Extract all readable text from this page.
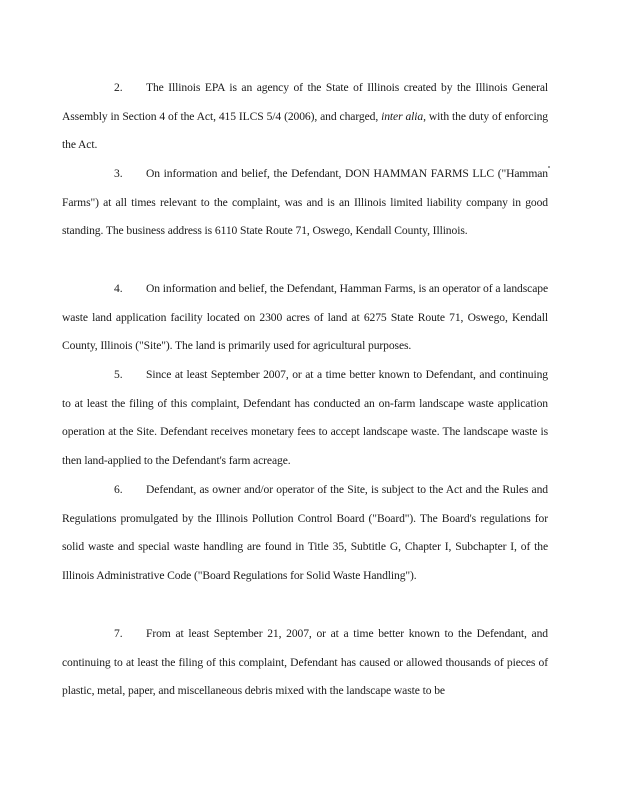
2. The Illinois EPA is an agency of the State of Illinois created by the Illinois General Assembly in Section 4 of the Act, 415 ILCS 5/4 (2006), and charged, inter alia, with the duty of enforcing the Act.

3. On information and belief, the Defendant, DON HAMMAN FARMS LLC ("Hamman Farms") at all times relevant to the complaint, was and is an Illinois limited liability company in good standing. The business address is 6110 State Route 71, Oswego, Kendall County, Illinois.

4. On information and belief, the Defendant, Hamman Farms, is an operator of a landscape waste land application facility located on 2300 acres of land at 6275 State Route 71, Oswego, Kendall County, Illinois ("Site"). The land is primarily used for agricultural purposes.

5. Since at least September 2007, or at a time better known to Defendant, and continuing to at least the filing of this complaint, Defendant has conducted an on-farm landscape waste application operation at the Site. Defendant receives monetary fees to accept landscape waste. The landscape waste is then land-applied to the Defendant's farm acreage.

6. Defendant, as owner and/or operator of the Site, is subject to the Act and the Rules and Regulations promulgated by the Illinois Pollution Control Board ("Board"). The Board's regulations for solid waste and special waste handling are found in Title 35, Subtitle G, Chapter I, Subchapter I, of the Illinois Administrative Code ("Board Regulations for Solid Waste Handling").

7. From at least September 21, 2007, or at a time better known to the Defendant, and continuing to at least the filing of this complaint, Defendant has caused or allowed thousands of pieces of plastic, metal, paper, and miscellaneous debris mixed with the landscape waste to be
